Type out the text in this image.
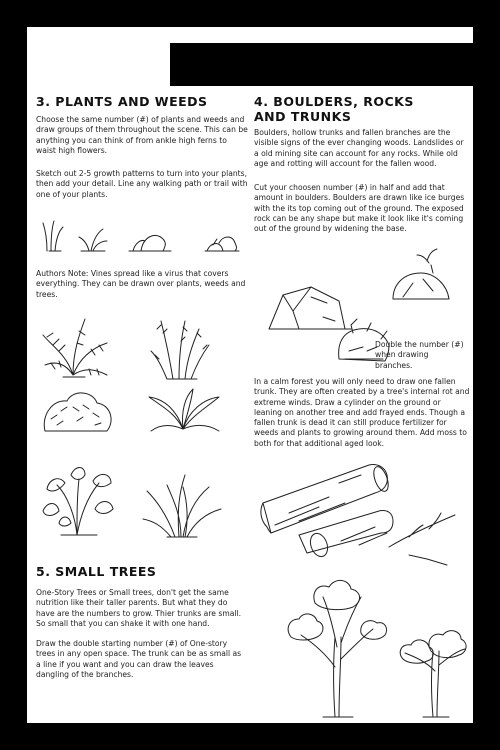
3. PLANTS AND WEEDS

Choose the same number (#) of plants and weeds and draw groups of them throughout the scene. This can be anything you can think of from ankle high ferns to waist high flowers.

Sketch out 2-5 growth patterns to turn into your plants, then add your detail. Line any walking path or trail with one of your plants.

Authors Note: Vines spread like a virus that covers everything. They can be drawn over plants, weeds and trees.

5. SMALL TREES

One-Story Trees or Small trees, don't get the same nutrition like their taller parents. But what they do have are the numbers to grow. Thier trunks are small. So small that you can shake it with one hand.

Draw the double starting number (#) of One-story trees in any open space. The trunk can be as small as a line if you want and you can draw the leaves dangling of the branches.

4. BOULDERS, ROCKS AND TRUNKS

Boulders, hollow trunks and fallen branches are the visible signs of the ever changing woods. Landslides or a old mining site can account for any rocks. While old age and rotting will account for the fallen wood.

Cut your choosen number (#) in half and add that amount in boulders. Boulders are drawn like ice burges with the its top coming out of the ground. The exposed rock can be any shape but make it look like it's coming out of the ground by widening the base.

Double the number (#) when drawing branches.

In a calm forest you will only need to draw one fallen trunk. They are often created by a tree's internal rot and extreme winds. Draw a cylinder on the ground or leaning on another tree and add frayed ends. Though a fallen trunk is dead it can still produce fertilizer for weeds and plants to growing around them. Add moss to both for that additional aged look.
